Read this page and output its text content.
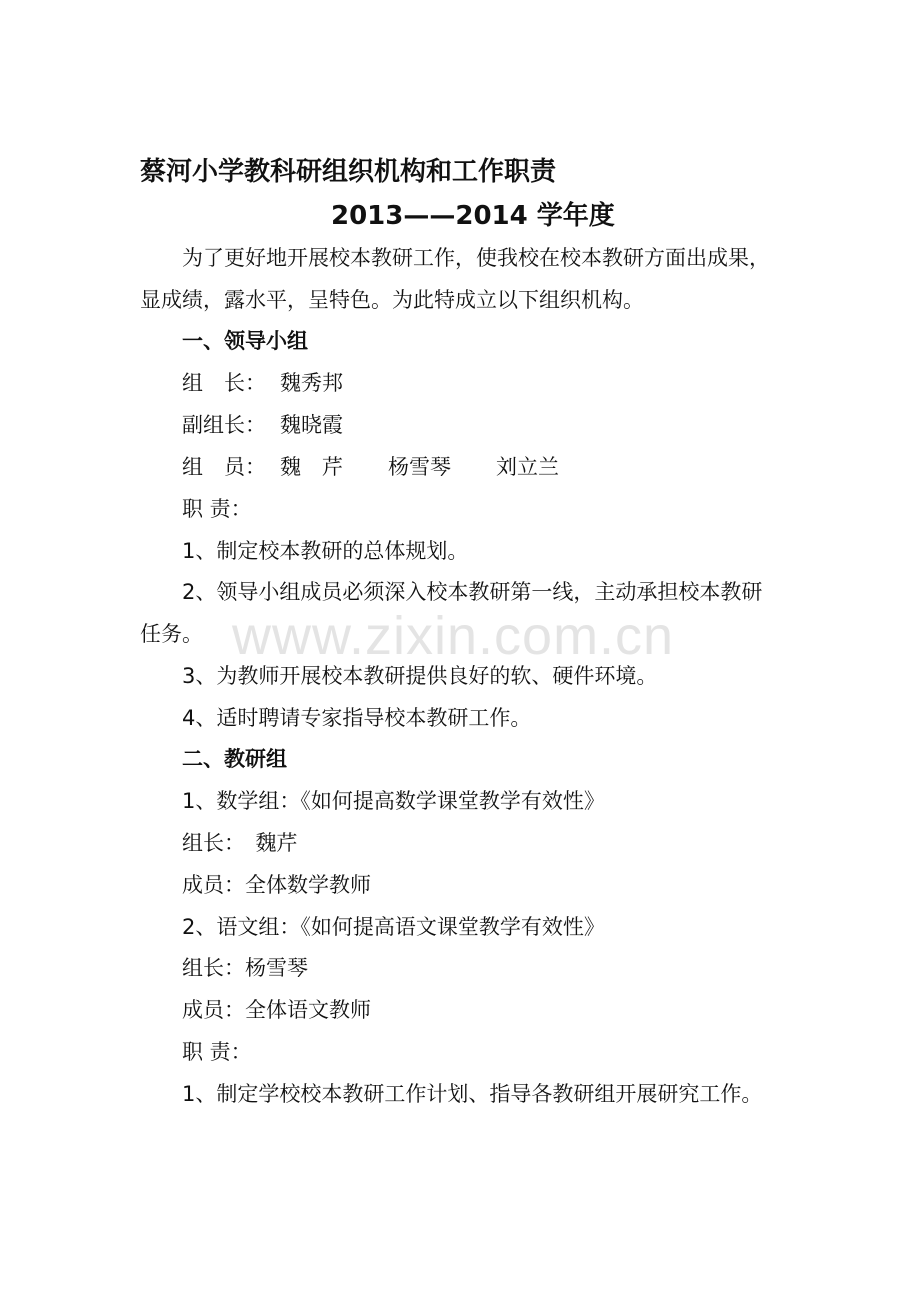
www.zixin.com.cn
蔡河小学教科研组织机构和工作职责
2013——2014 学年度
为了更好地开展校本教研工作，使我校在校本教研方面出成果，
显成绩，露水平，呈特色。为此特成立以下组织机构。
一、领导小组
组　长： 魏秀邦
副组长： 魏晓霞
组　员： 魏　芹 杨雪琴 刘立兰
职 责：
1、制定校本教研的总体规划。
2、领导小组成员必须深入校本教研第一线，主动承担校本教研
任务。
3、为教师开展校本教研提供良好的软、硬件环境。
4、适时聘请专家指导校本教研工作。
二、教研组
1、数学组：《如何提高数学课堂教学有效性》
组长：　魏芹
成员：全体数学教师
2、语文组：《如何提高语文课堂教学有效性》
组长：杨雪琴
成员：全体语文教师
职 责：
1、制定学校校本教研工作计划、指导各教研组开展研究工作。
